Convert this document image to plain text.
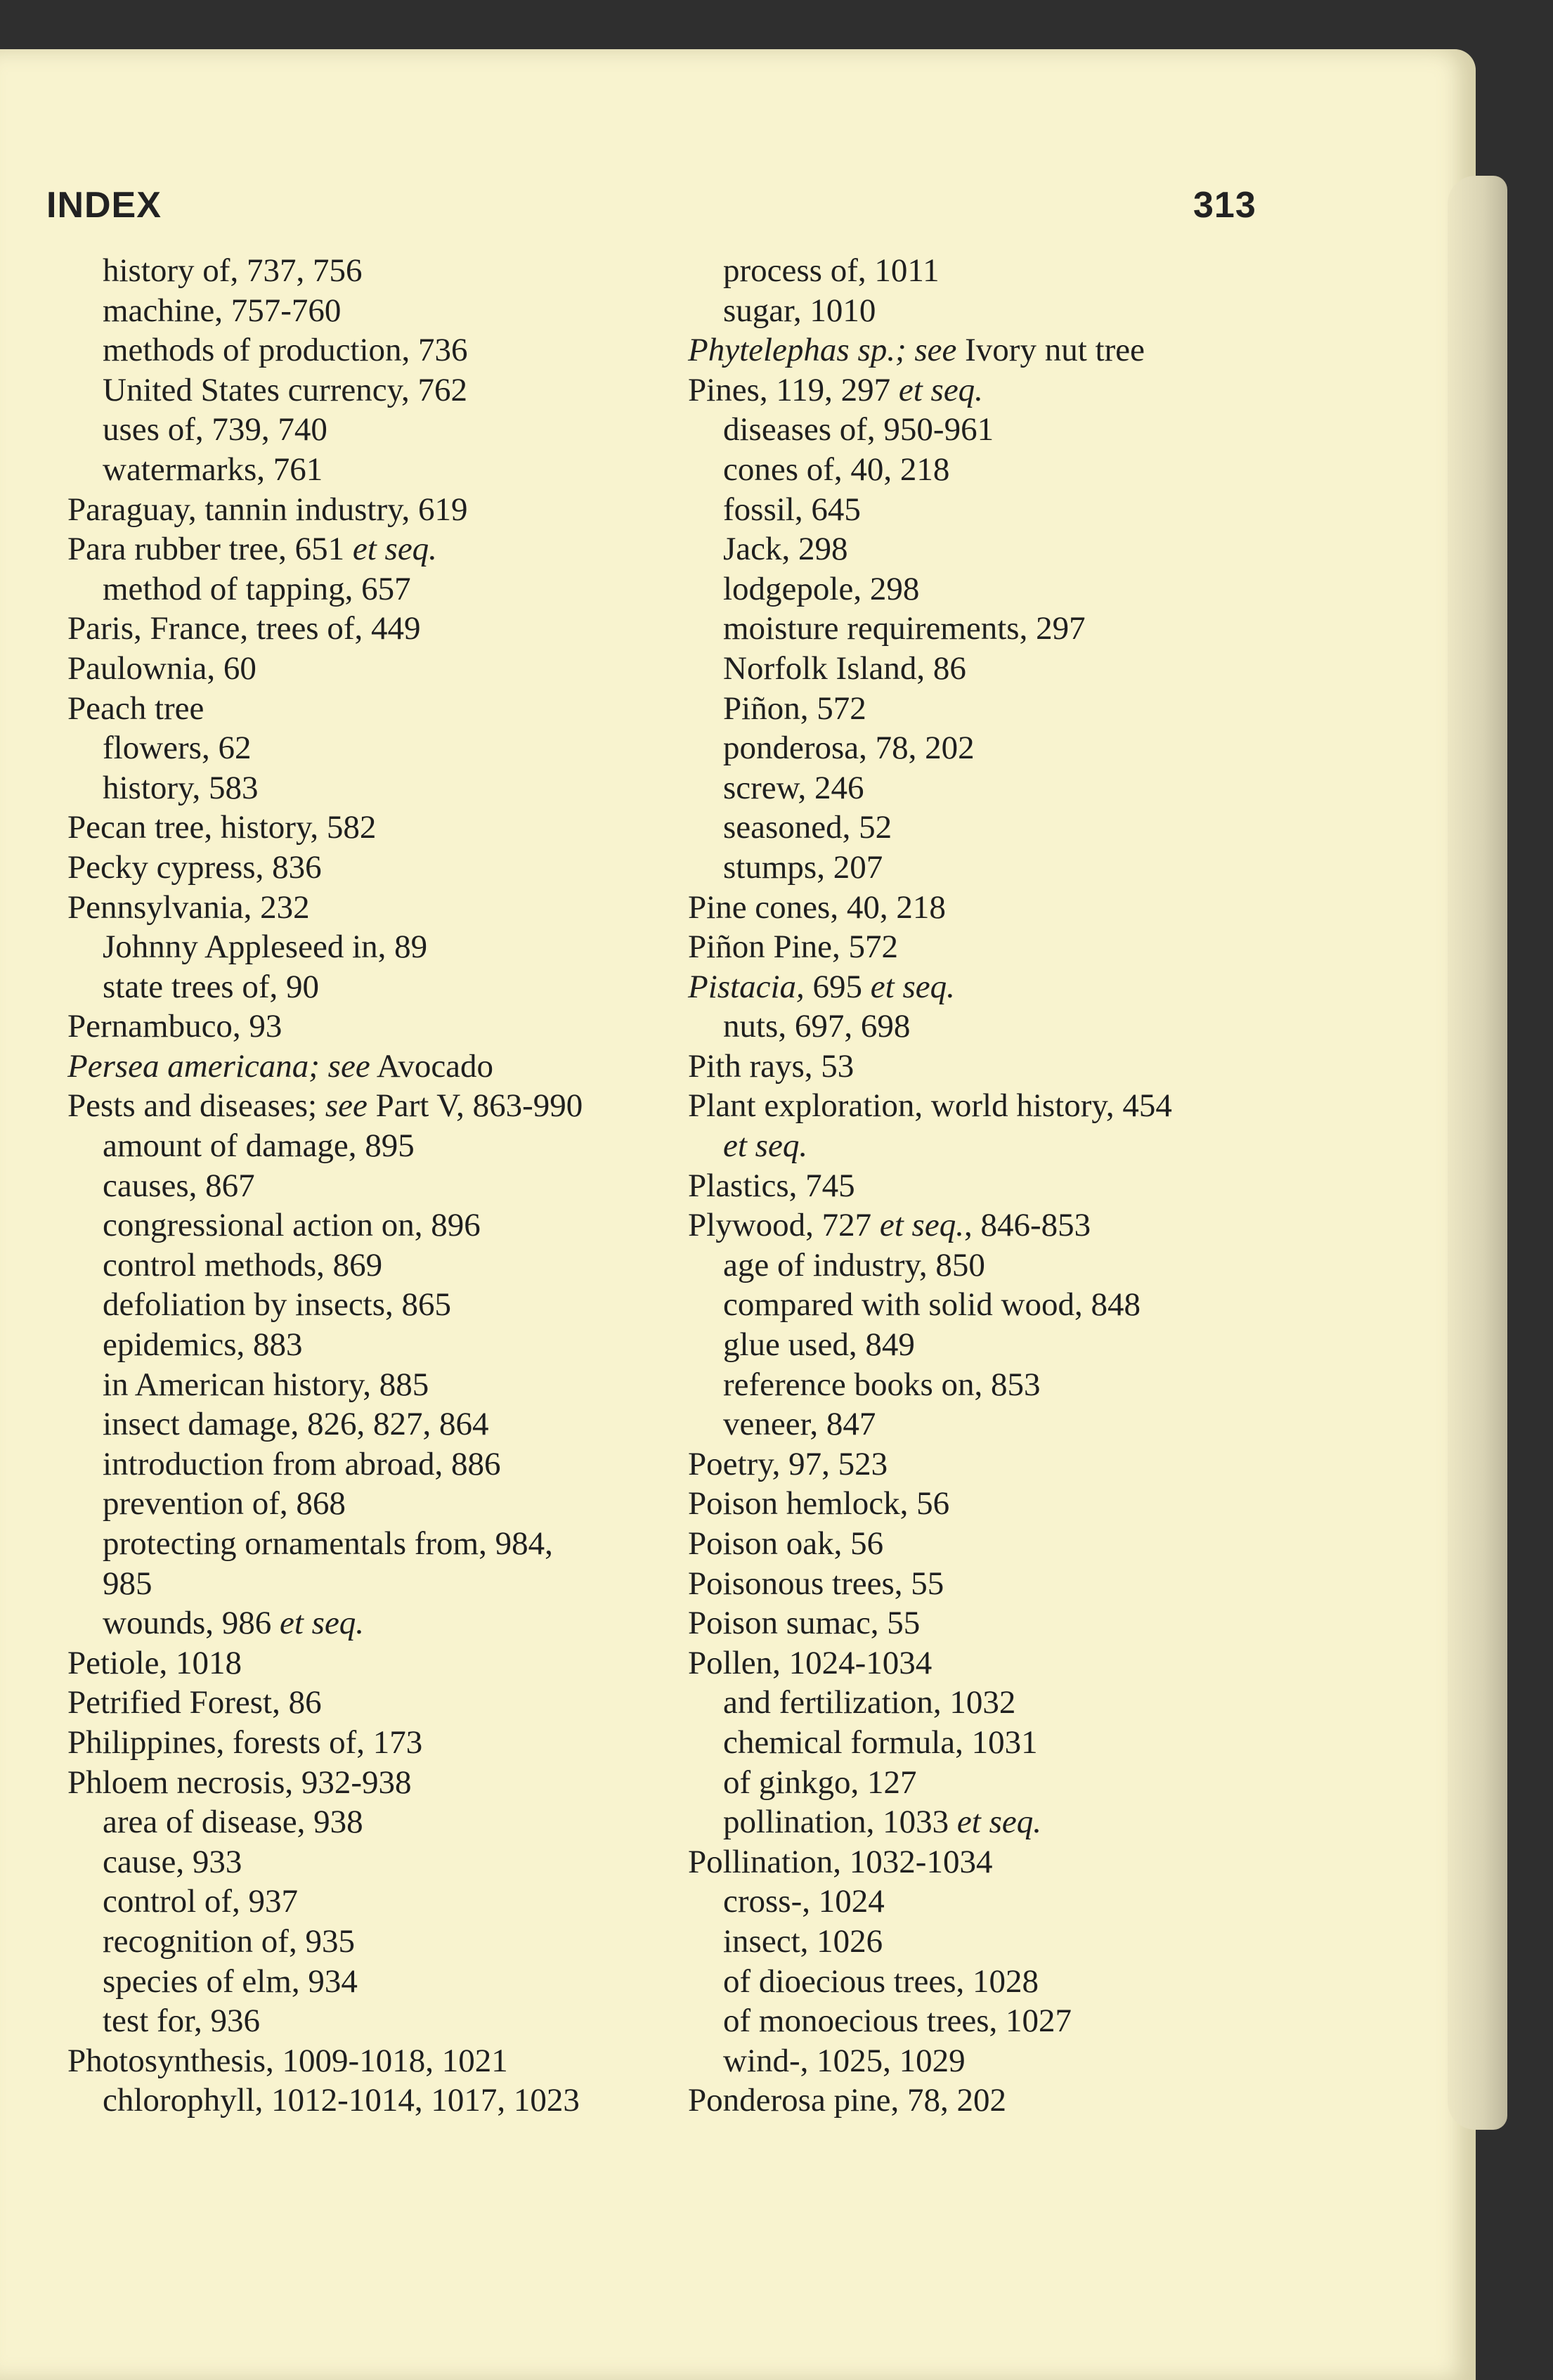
INDEX	313
history of, 737, 756
machine, 757-760
methods of production, 736
United States currency, 762
uses of, 739, 740
watermarks, 761
Paraguay, tannin industry, 619
Para rubber tree, 651 et seq.
method of tapping, 657
Paris, France, trees of, 449
Paulownia, 60
Peach tree
flowers, 62
history, 583
Pecan tree, history, 582
Pecky cypress, 836
Pennsylvania, 232
Johnny Appleseed in, 89
state trees of, 90
Pernambuco, 93
Persea americana; see Avocado
Pests and diseases; see Part V, 863-990
amount of damage, 895
causes, 867
congressional action on, 896
control methods, 869
defoliation by insects, 865
epidemics, 883
in American history, 885
insect damage, 826, 827, 864
introduction from abroad, 886
prevention of, 868
protecting ornamentals from, 984,
985
wounds, 986 et seq.
Petiole, 1018
Petrified Forest, 86
Philippines, forests of, 173
Phloem necrosis, 932-938
area of disease, 938
cause, 933
control of, 937
recognition of, 935
species of elm, 934
test for, 936
Photosynthesis, 1009-1018, 1021
chlorophyll, 1012-1014, 1017, 1023
process of, 1011
sugar, 1010
Phytelephas sp.; see Ivory nut tree
Pines, 119, 297 et seq.
diseases of, 950-961
cones of, 40, 218
fossil, 645
Jack, 298
lodgepole, 298
moisture requirements, 297
Norfolk Island, 86
Piñon, 572
ponderosa, 78, 202
screw, 246
seasoned, 52
stumps, 207
Pine cones, 40, 218
Piñon Pine, 572
Pistacia, 695 et seq.
nuts, 697, 698
Pith rays, 53
Plant exploration, world history, 454
et seq.
Plastics, 745
Plywood, 727 et seq., 846-853
age of industry, 850
compared with solid wood, 848
glue used, 849
reference books on, 853
veneer, 847
Poetry, 97, 523
Poison hemlock, 56
Poison oak, 56
Poisonous trees, 55
Poison sumac, 55
Pollen, 1024-1034
and fertilization, 1032
chemical formula, 1031
of ginkgo, 127
pollination, 1033 et seq.
Pollination, 1032-1034
cross-, 1024
insect, 1026
of dioecious trees, 1028
of monoecious trees, 1027
wind-, 1025, 1029
Ponderosa pine, 78, 202
